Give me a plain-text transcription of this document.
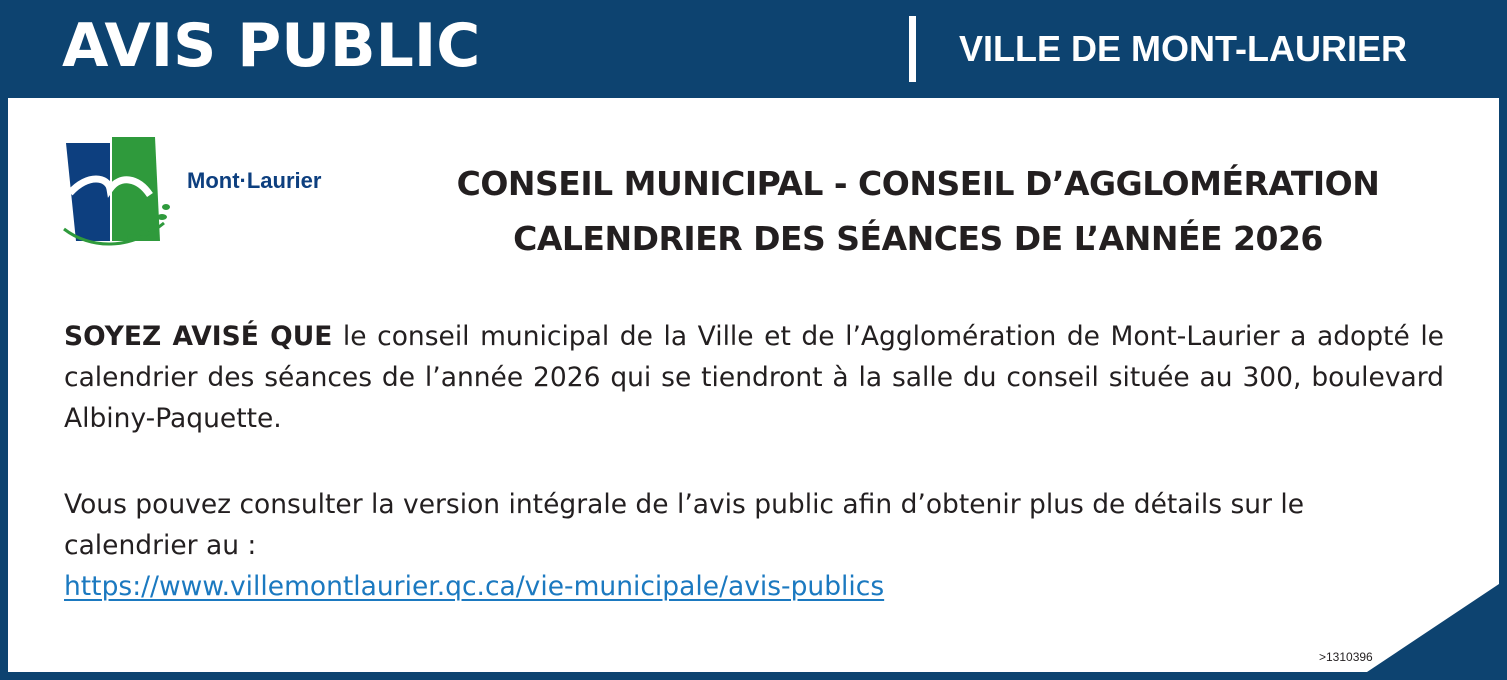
AVIS PUBLIC	VILLE DE MONT-LAURIER
Mont·Laurier	CONSEIL MUNICIPAL - CONSEIL D’AGGLOMÉRATION
CALENDRIER DES SÉANCES DE L’ANNÉE 2026
SOYEZ AVISÉ QUE le conseil municipal de la Ville et de l’Agglomération de Mont-Laurier a adopté le calendrier des séances de l’année 2026 qui se tiendront à la salle du conseil située au 300, boulevard Albiny-Paquette.
Vous pouvez consulter la version intégrale de l’avis public afin d’obtenir plus de détails sur le calendrier au :
https://www.villemontlaurier.qc.ca/vie-municipale/avis-publics
>1310396
